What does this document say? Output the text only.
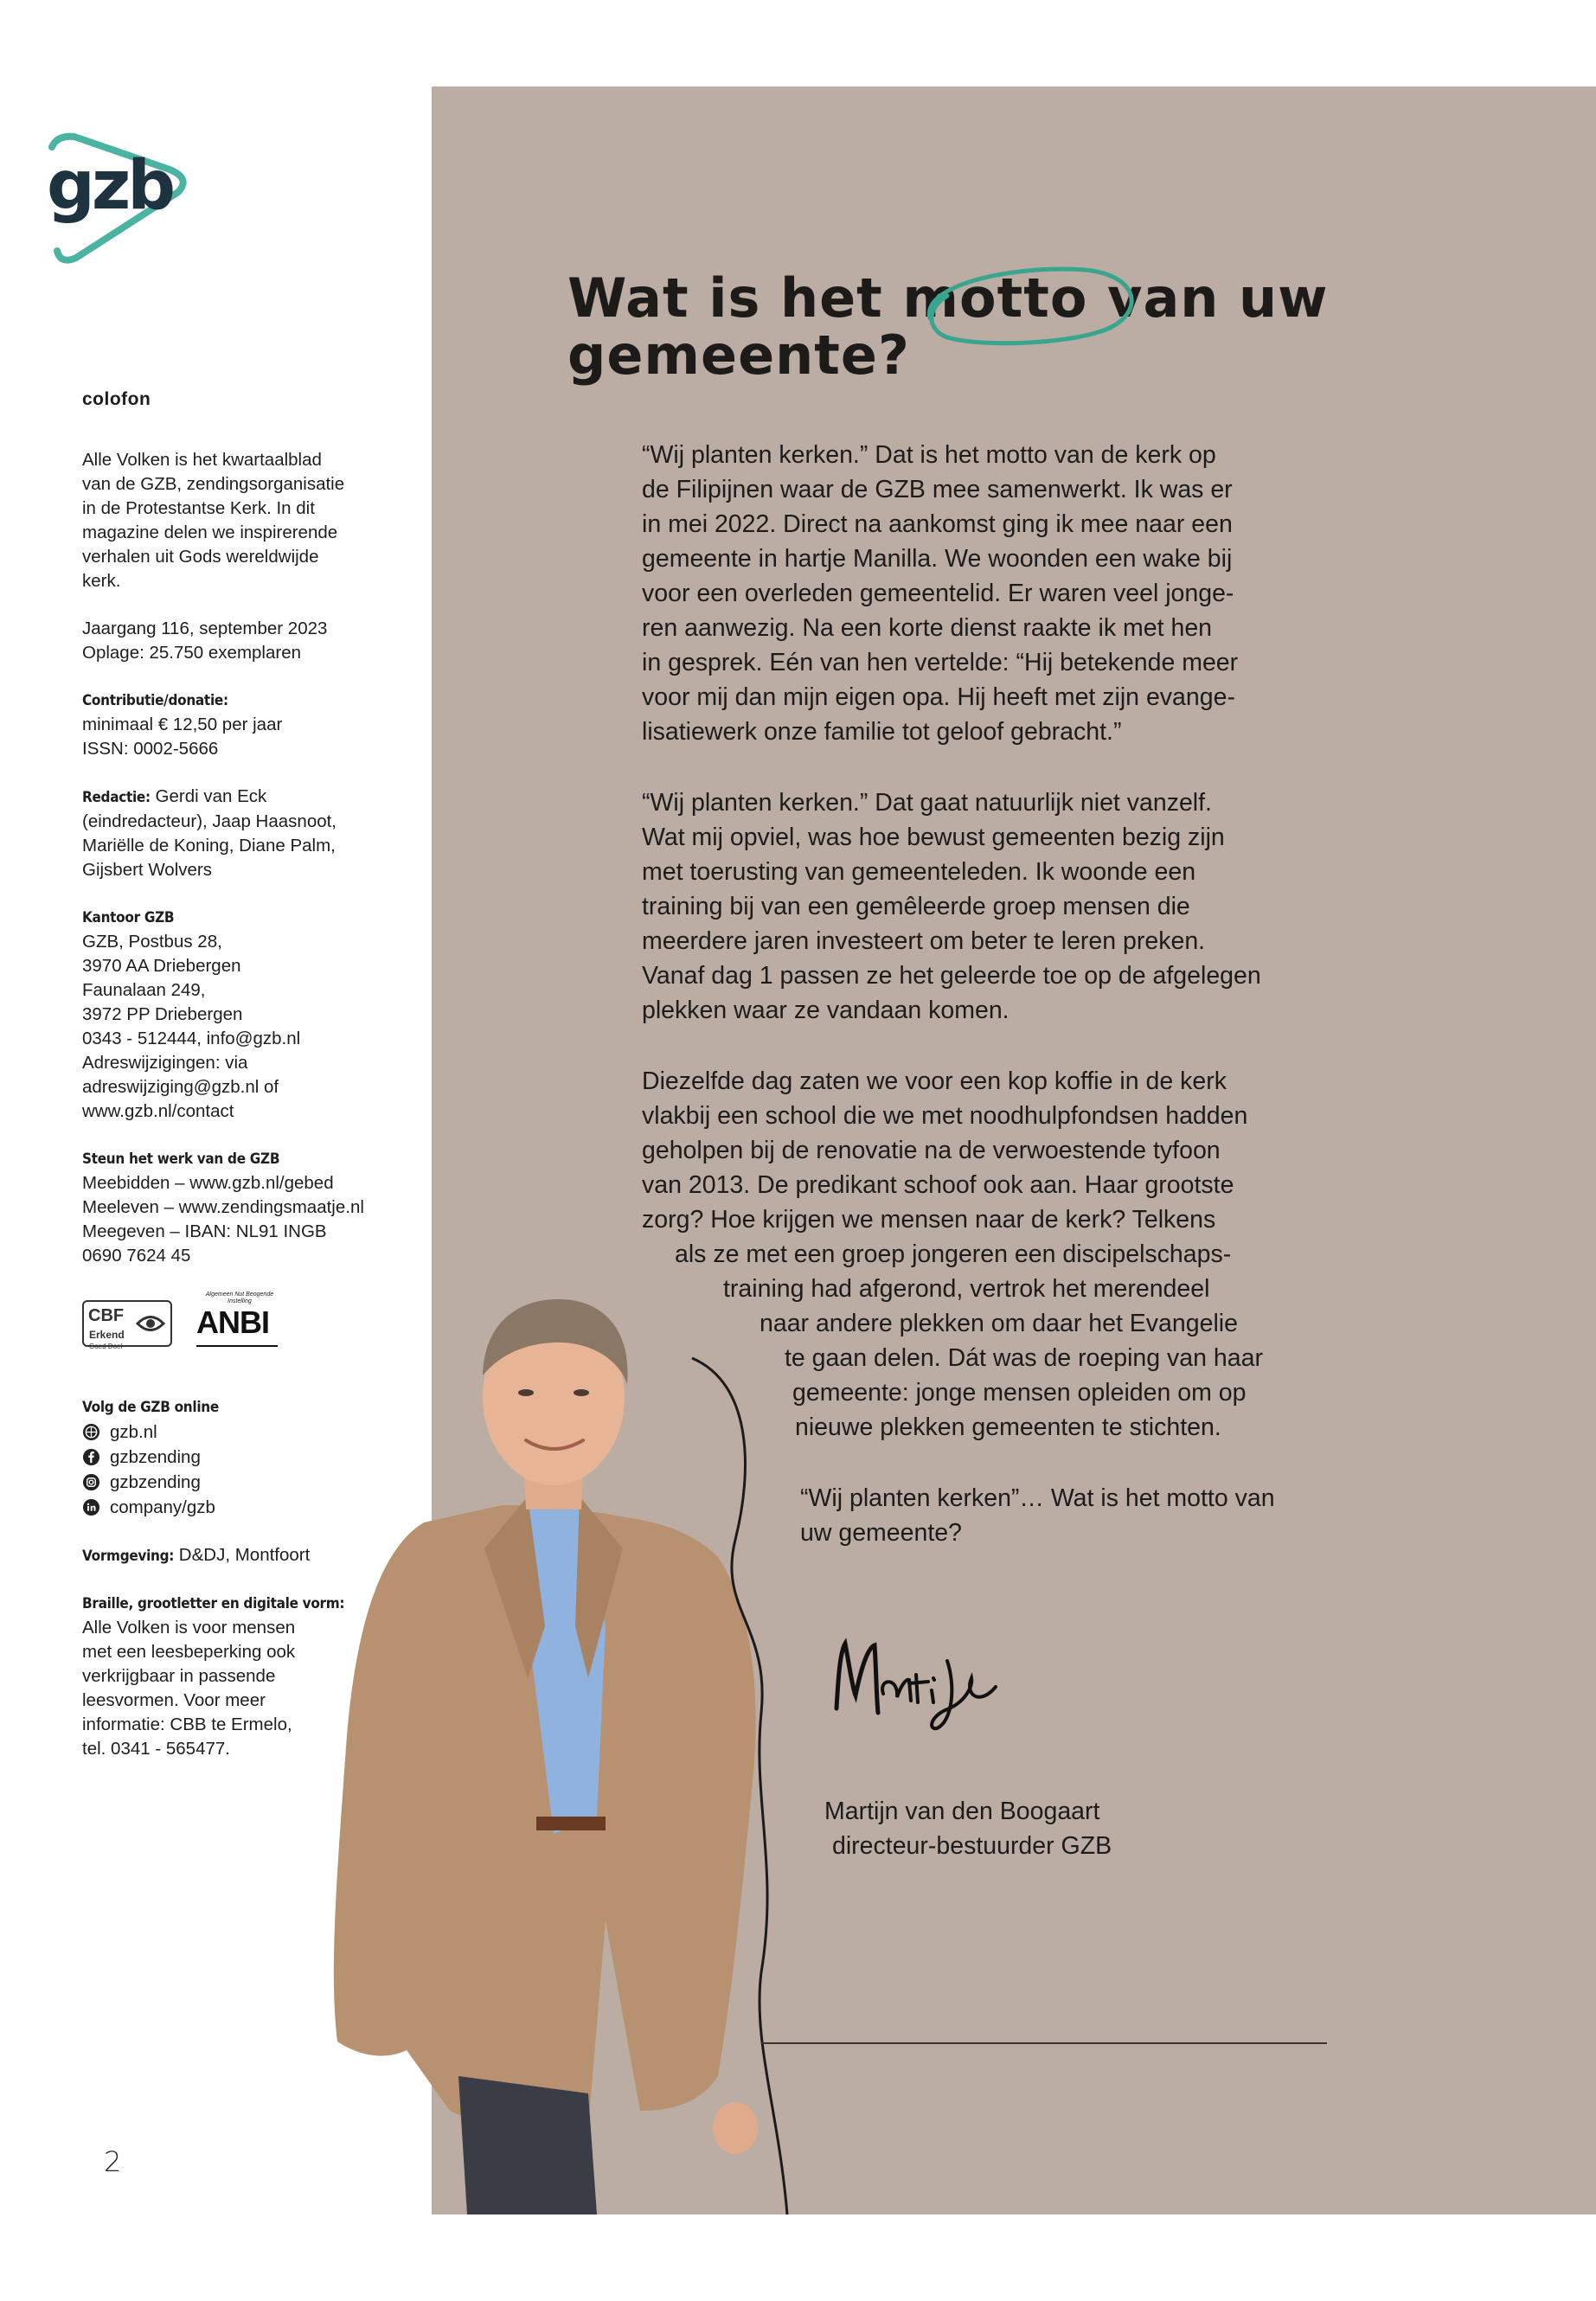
gzb
colofon

Alle Volken is het kwartaalblad
van de GZB, zendingsorganisatie
in de Protestantse Kerk. In dit
magazine delen we inspirerende
verhalen uit Gods wereldwijde
kerk.

Jaargang 116, september 2023
Oplage: 25.750 exemplaren

Contributie/donatie:
minimaal € 12,50 per jaar
ISSN: 0002-5666

Redactie: Gerdi van Eck
(eindredacteur), Jaap Haasnoot,
Mariëlle de Koning, Diane Palm,
Gijsbert Wolvers

Kantoor GZB
GZB, Postbus 28,
3970 AA Driebergen
Faunalaan 249,
3972 PP Driebergen
0343 - 512444, info@gzb.nl
Adreswijzigingen: via
adreswijziging@gzb.nl of
www.gzb.nl/contact

Steun het werk van de GZB
Meebidden – www.gzb.nl/gebed
Meeleven – www.zendingsmaatje.nl
Meegeven – IBAN: NL91 INGB
0690 7624 45

CBF
Erkend
Goed Doel
Algemeen Nut Beogende Instelling
ANBI

Volg de GZB online
gzb.nl
gzbzending
gzbzending
company/gzb

Vormgeving: D&DJ, Montfoort

Braille, grootletter en digitale vorm:
Alle Volken is voor mensen
met een leesbeperking ook
verkrijgbaar in passende
leesvormen. Voor meer
informatie: CBB te Ermelo,
tel. 0341 - 565477.

2
Wat is het motto van uw
gemeente?
“Wij planten kerken.” Dat is het motto van de kerk op
de Filipijnen waar de GZB mee samenwerkt. Ik was er
in mei 2022. Direct na aankomst ging ik mee naar een
gemeente in hartje Manilla. We woonden een wake bij
voor een overleden gemeentelid. Er waren veel jonge-
ren aanwezig. Na een korte dienst raakte ik met hen
in gesprek. Eén van hen vertelde: “Hij betekende meer
voor mij dan mijn eigen opa. Hij heeft met zijn evange-
lisatiewerk onze familie tot geloof gebracht.”
“Wij planten kerken.” Dat gaat natuurlijk niet vanzelf.
Wat mij opviel, was hoe bewust gemeenten bezig zijn
met toerusting van gemeenteleden. Ik woonde een
training bij van een gemêleerde groep mensen die
meerdere jaren investeert om beter te leren preken.
Vanaf dag 1 passen ze het geleerde toe op de afgelegen
plekken waar ze vandaan komen.
Diezelfde dag zaten we voor een kop koffie in de kerk
vlakbij een school die we met noodhulpfondsen hadden
geholpen bij de renovatie na de verwoestende tyfoon
van 2013. De predikant schoof ook aan. Haar grootste
zorg? Hoe krijgen we mensen naar de kerk? Telkens
als ze met een groep jongeren een discipelschaps-
training had afgerond, vertrok het merendeel
naar andere plekken om daar het Evangelie
te gaan delen. Dát was de roeping van haar
gemeente: jonge mensen opleiden om op
nieuwe plekken gemeenten te stichten.
“Wij planten kerken”… Wat is het motto van
uw gemeente?
Martijn van den Boogaart
directeur-bestuurder GZB
